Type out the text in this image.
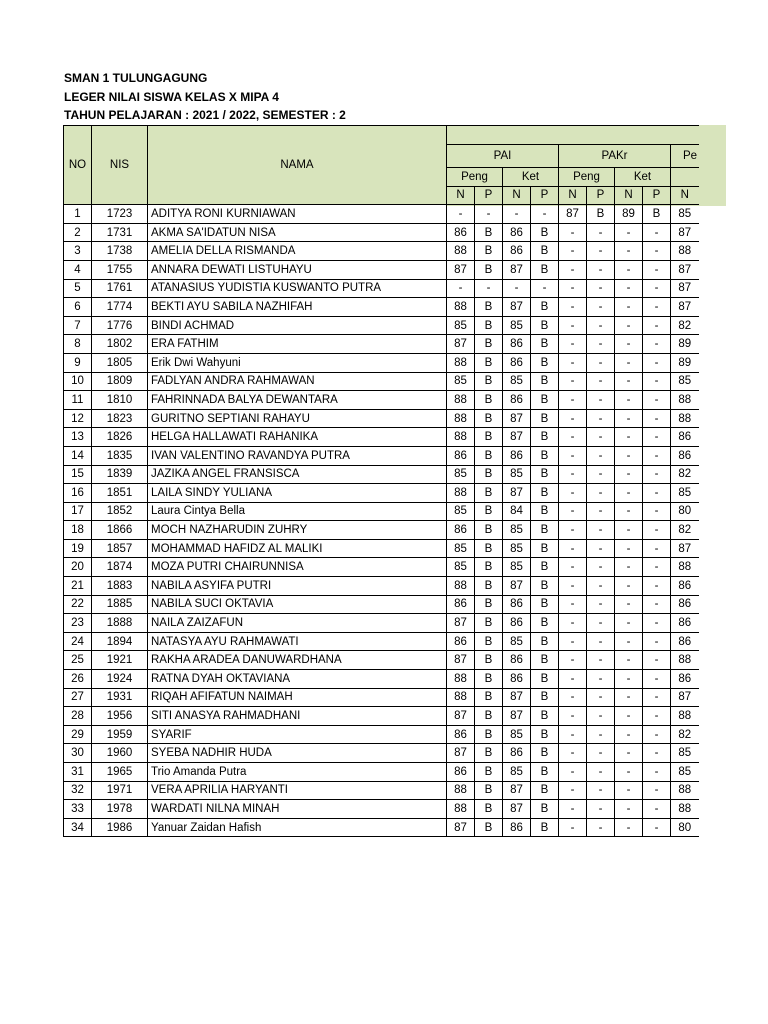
SMAN 1 TULUNGAGUNG
LEGER NILAI SISWA KELAS X MIPA 4
TAHUN PELAJARAN : 2021 / 2022, SEMESTER : 2
NO	NIS	NAMA									
			PAI				PAKr				Pe
			Peng		Ket		Peng		Ket		
			N	P	N	P	N	P	N	P	N
1	1723	ADITYA RONI KURNIAWAN	-	-	-	-	87	B	89	B	85
2	1731	AKMA SA'IDATUN NISA	86	B	86	B	-	-	-	-	87
3	1738	AMELIA DELLA RISMANDA	88	B	86	B	-	-	-	-	88
4	1755	ANNARA DEWATI LISTUHAYU	87	B	87	B	-	-	-	-	87
5	1761	ATANASIUS YUDISTIA KUSWANTO PUTRA	-	-	-	-	-	-	-	-	87
6	1774	BEKTI AYU SABILA NAZHIFAH	88	B	87	B	-	-	-	-	87
7	1776	BINDI ACHMAD	85	B	85	B	-	-	-	-	82
8	1802	ERA FATHIM	87	B	86	B	-	-	-	-	89
9	1805	Erik Dwi Wahyuni	88	B	86	B	-	-	-	-	89
10	1809	FADLYAN ANDRA RAHMAWAN	85	B	85	B	-	-	-	-	85
11	1810	FAHRINNADA BALYA DEWANTARA	88	B	86	B	-	-	-	-	88
12	1823	GURITNO SEPTIANI RAHAYU	88	B	87	B	-	-	-	-	88
13	1826	HELGA HALLAWATI RAHANIKA	88	B	87	B	-	-	-	-	86
14	1835	IVAN VALENTINO RAVANDYA PUTRA	86	B	86	B	-	-	-	-	86
15	1839	JAZIKA ANGEL FRANSISCA	85	B	85	B	-	-	-	-	82
16	1851	LAILA SINDY YULIANA	88	B	87	B	-	-	-	-	85
17	1852	Laura Cintya Bella	85	B	84	B	-	-	-	-	80
18	1866	MOCH NAZHARUDIN ZUHRY	86	B	85	B	-	-	-	-	82
19	1857	MOHAMMAD HAFIDZ AL MALIKI	85	B	85	B	-	-	-	-	87
20	1874	MOZA PUTRI CHAIRUNNISA	85	B	85	B	-	-	-	-	88
21	1883	NABILA ASYIFA PUTRI	88	B	87	B	-	-	-	-	86
22	1885	NABILA SUCI OKTAVIA	86	B	86	B	-	-	-	-	86
23	1888	NAILA ZAIZAFUN	87	B	86	B	-	-	-	-	86
24	1894	NATASYA AYU RAHMAWATI	86	B	85	B	-	-	-	-	86
25	1921	RAKHA ARADEA DANUWARDHANA	87	B	86	B	-	-	-	-	88
26	1924	RATNA DYAH OKTAVIANA	88	B	86	B	-	-	-	-	86
27	1931	RIQAH AFIFATUN NAIMAH	88	B	87	B	-	-	-	-	87
28	1956	SITI ANASYA RAHMADHANI	87	B	87	B	-	-	-	-	88
29	1959	SYARIF	86	B	85	B	-	-	-	-	82
30	1960	SYEBA NADHIR HUDA	87	B	86	B	-	-	-	-	85
31	1965	Trio Amanda Putra	86	B	85	B	-	-	-	-	85
32	1971	VERA APRILIA HARYANTI	88	B	87	B	-	-	-	-	88
33	1978	WARDATI NILNA MINAH	88	B	87	B	-	-	-	-	88
34	1986	Yanuar Zaidan Hafish	87	B	86	B	-	-	-	-	80
